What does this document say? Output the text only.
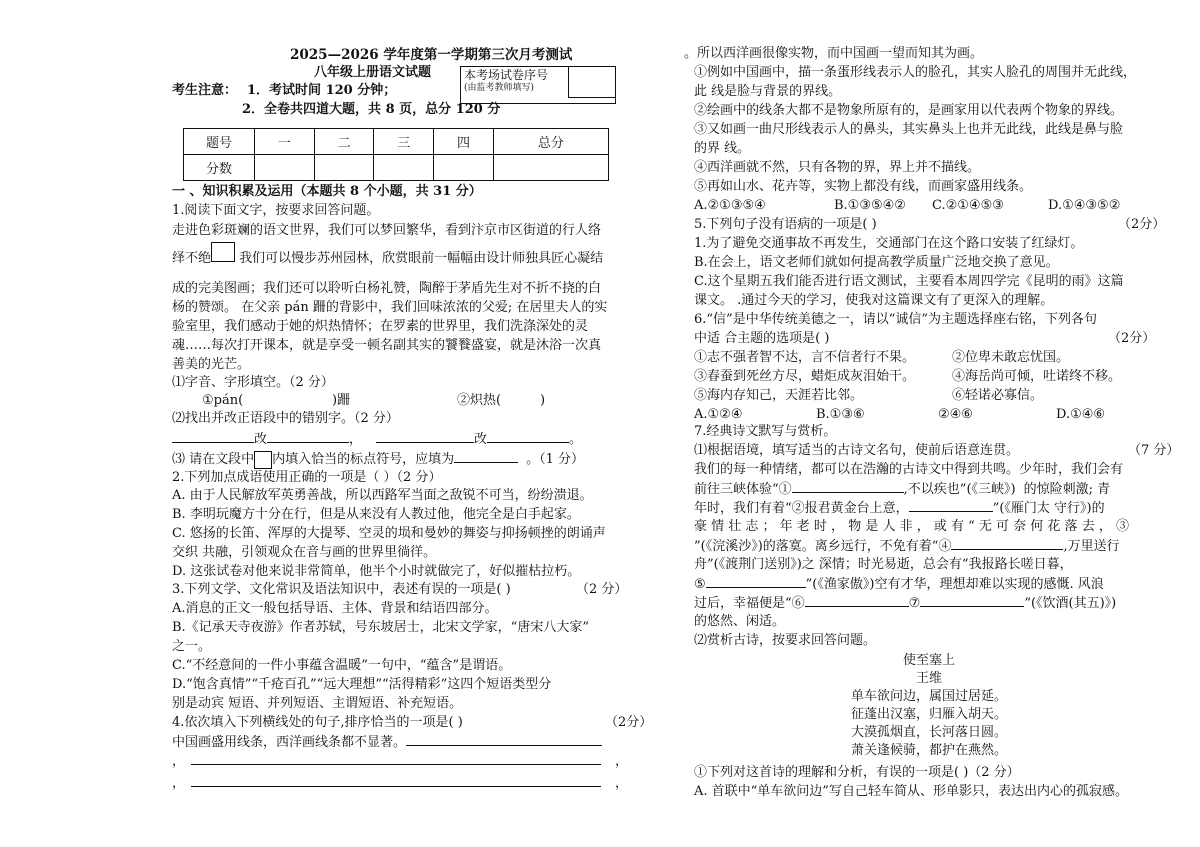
2025—2026 学年度第一学期第三次月考测试
八年级上册语文试题	本考场试卷序号
(由监考教师填写)
考生注意： 1．考试时间 120 分钟；
2．全卷共四道大题，共 8 页，总分 120 分
题号	一	二	三	四	总分
分数					
一 、知识积累及运用（本题共 8 个小题，共 31 分）
1.阅读下面文字，按要求回答问题。
走进色彩斑斓的语文世界，我们可以梦回繁华，看到汴京市区街道的行人络
绎不绝 我们可以慢步苏州园林，欣赏眼前一幅幅由设计师独具匠心凝结
成的完美图画；我们还可以聆听白杨礼赞，陶醉于茅盾先生对不折不挠的白
杨的赞颂。 在父亲 pán 跚的背影中，我们回味浓浓的父爱; 在居里夫人的实
验室里，我们感动于她的炽热情怀；在罗素的世界里，我们洗涤深处的灵
魂……每次打开课本，就是享受一顿名副其实的饕餮盛宴，就是沐浴一次真
善美的光芒。
⑴字音、字形填空。（2 分）
①pán(	)跚	②炽热(	)
⑵找出并改正语段中的错别字。（2 分）
改	，	改	。
⑶ 请在文段中 内填入恰当的标点符号，应填为	。（1 分）
2.下列加点成语使用正确的一项是（ ）（2 分）
A. 由于人民解放军英勇善战，所以西路军当面之敌锐不可当，纷纷溃退。
B. 李明玩魔方十分在行，但是从来没有人教过他，他完全是白手起家。
C. 悠扬的长笛、浑厚的大提琴、空灵的埙和曼妙的舞姿与抑扬顿挫的朗诵声
交织 共融，引领观众在音与画的世界里徜徉。
D. 这张试卷对他来说非常简单，他半个小时就做完了，好似摧枯拉朽。
3.下列文学、文化常识及语法知识中，表述有误的一项是( )	（2 分）
A.消息的正文一般包括导语、主体、背景和结语四部分。
B.《记承天寺夜游》作者苏轼，号东坡居士，北宋文学家，“唐宋八大家”
之一。
C.“不经意间的一件小事蕴含温暖”一句中，“蕴含”是谓语。
D.“饱含真情”“千疮百孔”“远大理想”“活得精彩”这四个短语类型分
别是动宾 短语、并列短语、主谓短语、补充短语。
4.依次填入下列横线处的句子,排序恰当的一项是( )	（2分）
中国画盛用线条，西洋画线条都不显著。
，	，
，	，
。所以西洋画很像实物，而中国画一望而知其为画。
①例如中国画中，描一条蛋形线表示人的脸孔，其实人脸孔的周围并无此线，
此 线是脸与背景的界线。
②绘画中的线条大都不是物象所原有的，是画家用以代表两个物象的界线。
③又如画一曲尺形线表示人的鼻头，其实鼻头上也并无此线，此线是鼻与脸
的界 线。
④西洋画就不然，只有各物的界，界上并不描线。
⑤再如山水、花卉等，实物上都没有线，而画家盛用线条。
A.②①③⑤④	B.①③⑤④② C.②①④⑤③	D.①④③⑤②
5.下列句子没有语病的一项是( )	（2分）
1.为了避免交通事故不再发生，交通部门在这个路口安装了红绿灯。
B.在会上，语文老师们就如何提高教学质量广泛地交换了意见。
C.这个星期五我们能否进行语文测试，主要看本周四学完《昆明的雨》这篇
课文。 .通过今天的学习，使我对这篇课文有了更深入的理解。
6.“信”是中华传统美德之一，请以“诚信”为主题选择座右铭，下列各句
中适 合主题的选项是( )	（2分）
①志不强者智不达，言不信者行不果。	②位卑未敢忘忧国。
③春蚕到死丝方尽，蜡炬成灰泪始干。	④海岳尚可倾，吐诺终不移。
⑤海内存知己，天涯若比邻。	⑥轻诺必寡信。
A.①②④	B.①③⑥	②④⑥	D.①④⑥
7.经典诗文默写与赏析。
⑴根据语境，填写适当的古诗文名句，使前后语意连贯。	（7 分）
我们的每一种情绪，都可以在浩瀚的古诗文中得到共鸣。少年时，我们会有
前往三峡体验“①	,不以疾也”(《三峡》) 的惊险刺激; 青
年时，我们有着“②报君黄金台上意，	”(《雁门太 守行》)的
豪 情 壮 志 ； 年 老 时 ， 物 是 人 非 ， 或 有 “ 无 可 奈 何 花 落 去 ， ③
”(《浣溪沙》)的落寞。离乡远行，不免有着“④	,万里送行
舟”(《渡荆门送别》)之 深情；时光易逝，总会有“我报路长嗟日暮，
⑤	”(《渔家傲》)空有才华，理想却难以实现的感慨. 风浪
过后，幸福便是“⑥	⑦	”(《饮酒(其五)》)
的悠然、闲适。
⑵赏析古诗，按要求回答问题。
使至塞上
王维
单车欲问边，属国过居延。
征蓬出汉塞，归雁入胡天。
大漠孤烟直，长河落日圆。
萧关逢候骑，都护在燕然。
①下列对这首诗的理解和分析，有误的一项是( )（2 分）
A. 首联中“单车欲问边”写自己轻车简从、形单影只，表达出内心的孤寂感。
